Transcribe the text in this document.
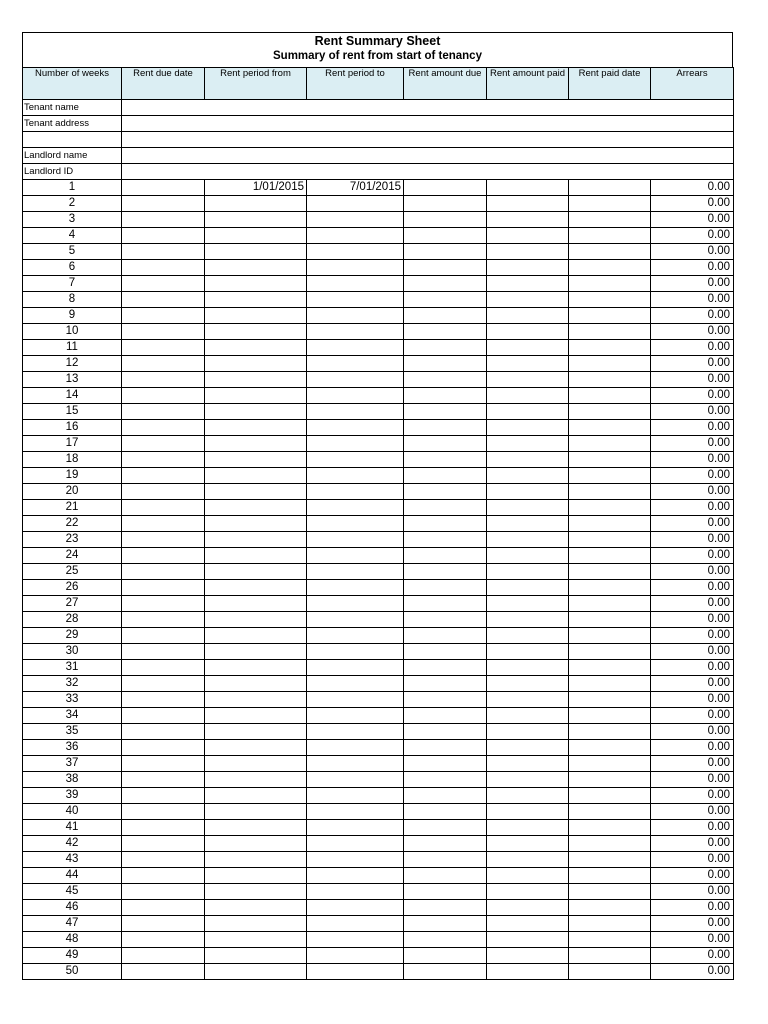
Rent Summary Sheet
Summary of rent from start of tenancy
Tenant name							
Tenant address							

Landlord name							
Landlord ID							
Number of weeks	Rent due date	Rent period from	Rent period to	Rent amount due	Rent amount paid	Rent paid date	Arrears
1		1/01/2015	7/01/2015				0.00
2							0.00
3							0.00
4							0.00
5							0.00
6							0.00
7							0.00
8							0.00
9							0.00
10							0.00
11							0.00
12							0.00
13							0.00
14							0.00
15							0.00
16							0.00
17							0.00
18							0.00
19							0.00
20							0.00
21							0.00
22							0.00
23							0.00
24							0.00
25							0.00
26							0.00
27							0.00
28							0.00
29							0.00
30							0.00
31							0.00
32							0.00
33							0.00
34							0.00
35							0.00
36							0.00
37							0.00
38							0.00
39							0.00
40							0.00
41							0.00
42							0.00
43							0.00
44							0.00
45							0.00
46							0.00
47							0.00
48							0.00
49							0.00
50							0.00
